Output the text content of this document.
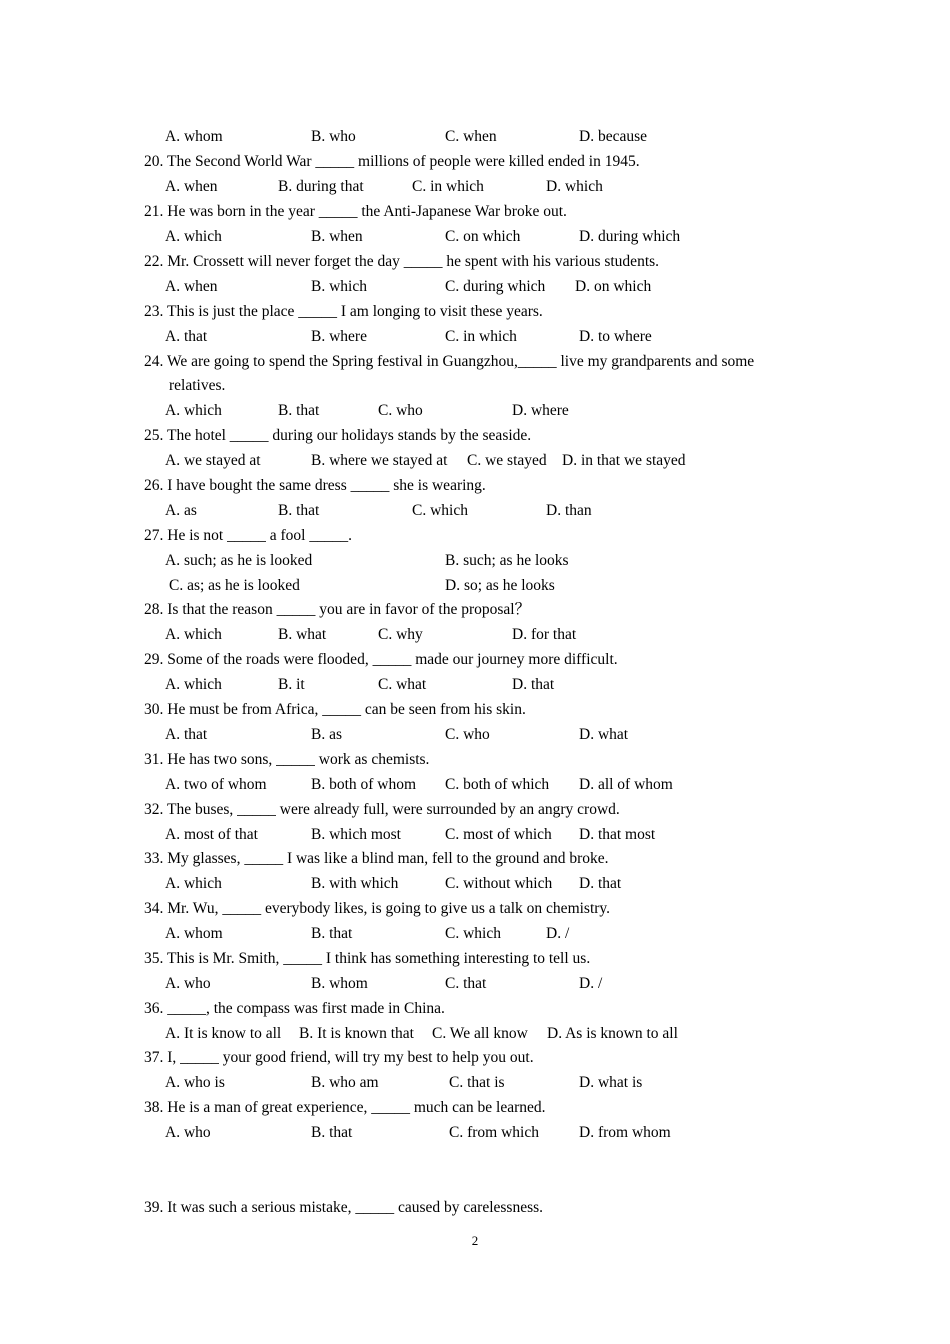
A. whom	B. who	C. when	D. because
20. The Second World War _____ millions of people were killed ended in 1945.
A. when	B. during that	C. in which	D. which
21. He was born in the year _____ the Anti-Japanese War broke out.
A. which	B. when	C. on which	D. during which
22. Mr. Crossett will never forget the day _____ he spent with his various students.
A. when	B. which	C. during which D. on which
23. This is just the place _____ I am longing to visit these years.
A. that	B. where	C. in which	D. to where
24. We are going to spend the Spring festival in Guangzhou,_____ live my grandparents and some
relatives.
A. which	B. that	C. who	D. where
25. The hotel _____ during our holidays stands by the seaside.
A. we stayed at	B. where we stayed at C. we stayed D. in that we stayed
26. I have bought the same dress _____ she is wearing.
A. as	B. that	C. which	D. than
27. He is not _____ a fool _____.
A. such; as he is looked	B. such; as he looks
C. as; as he is looked	D. so; as he looks
28. Is that the reason _____ you are in favor of the proposal？
A. which	B. what	C. why	D. for that
29. Some of the roads were flooded, _____ made our journey more difficult.
A. which	B. it	C. what	D. that
30. He must be from Africa, _____ can be seen from his skin.
A. that	B. as	C. who	D. what
31. He has two sons, _____ work as chemists.
A. two of whom	B. both of whom C. both of which D. all of whom
32. The buses, _____ were already full, were surrounded by an angry crowd.
A. most of that	B. which most	C. most of which D. that most
33. My glasses, _____ I was like a blind man, fell to the ground and broke.
A. which	B. with which	C. without which D. that
34. Mr. Wu, _____ everybody likes, is going to give us a talk on chemistry.
A. whom	B. that	C. which	D. /
35. This is Mr. Smith, _____ I think has something interesting to tell us.
A. who	B. whom	C. that	D. /
36. _____, the compass was first made in China.
A. It is know to all B. It is known that C. We all know D. As is known to all
37. I, _____ your good friend, will try my best to help you out.
A. who is	B. who am	C. that is	D. what is
38. He is a man of great experience, _____ much can be learned.
A. who	B. that	C. from which	D. from whom
39. It was such a serious mistake, _____ caused by carelessness.
2
